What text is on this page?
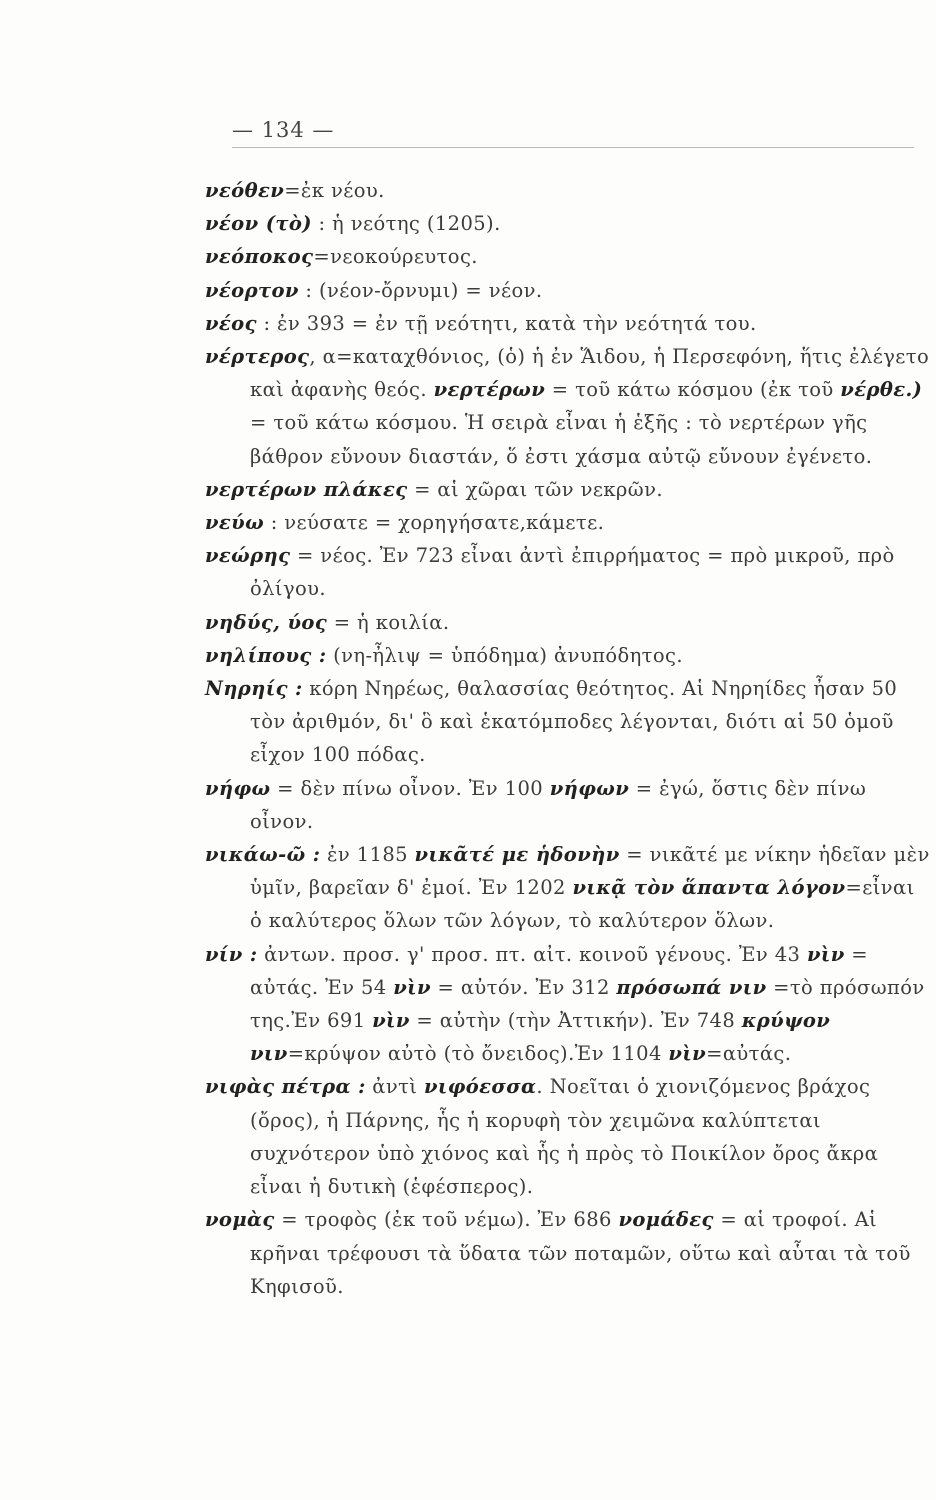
— 134 —

νεόθεν=ἐκ νέου.

νέον (τὸ) : ἡ νεότης (1205).

νεόποκος=νεοκούρευτος.

νέορτον : (νέον-ὄρνυμι) = νέον.

νέος : ἐν 393 = ἐν τῇ νεότητι, κατὰ τὴν νεότητά του.

νέρτερος, α=καταχθόνιος, (ὁ) ἡ ἐν Ἅιδου, ἡ Περσεφόνη, ἥτις ἐλέγετο καὶ ἀφανὴς θεός. νερτέρων = τοῦ κάτω κόσμου (ἐκ τοῦ νέρθε.) = τοῦ κάτω κόσμου. Ἡ σειρὰ εἶναι ἡ ἑξῆς : τὸ νερτέρων γῆς βάθρον εὔνουν διαστάν, ὅ ἐστι χάσμα αὐτῷ εὔνουν ἐγένετο.

νερτέρων πλάκες = αἱ χῶραι τῶν νεκρῶν.

νεύω : νεύσατε = χορηγήσατε,κάμετε.

νεώρης = νέος. Ἐν 723 εἶναι ἀντὶ ἐπιρρήματος = πρὸ μικροῦ, πρὸ ὀλίγου.

νηδύς, ύος = ἡ κοιλία.

νηλίπους : (νη-ἦλιψ = ὑπόδημα) ἀνυπόδητος.

Νηρηίς : κόρη Νηρέως, θαλασσίας θεότητος. Αἱ Νηρηίδες ἦσαν 50 τὸν ἀριθμόν, δι' ὃ καὶ ἑκατόμποδες λέγονται, διότι αἱ 50 ὁμοῦ εἶχον 100 πόδας.

νήφω = δὲν πίνω οἶνον. Ἐν 100 νήφων = ἐγώ, ὅστις δὲν πίνω οἶνον.

νικάω-ῶ : ἐν 1185 νικᾶτέ με ἡδονὴν = νικᾶτέ με νίκην ἡδεῖαν μὲν ὑμῖν, βαρεῖαν δ' ἐμοί. Ἐν 1202 νικᾷ τὸν ἅπαντα λόγον=εἶναι ὁ καλύτερος ὅλων τῶν λόγων, τὸ καλύτερον ὅλων.

νίν : ἀντων. προσ. γ' προσ. πτ. αἰτ. κοινοῦ γένους. Ἐν 43 νὶν = αὐτάς. Ἐν 54 νὶν = αὐτόν. Ἐν 312 πρόσωπά νιν =τὸ πρόσωπόν της.Ἐν 691 νὶν = αὐτὴν (τὴν Ἀττικήν). Ἐν 748 κρύψον νιν=κρύψον αὐτὸ (τὸ ὄνειδος).Ἐν 1104 νὶν=αὐτάς.

νιφὰς πέτρα : ἀντὶ νιφόεσσα. Νοεῖται ὁ χιονιζόμενος βράχος (ὄρος), ἡ Πάρνης, ἧς ἡ κορυφὴ τὸν χειμῶνα καλύπτεται συχνότερον ὑπὸ χιόνος καὶ ἧς ἡ πρὸς τὸ Ποικίλον ὄρος ἄκρα εἶναι ἡ δυτικὴ (ἑφέσπερος).

νομὰς = τροφὸς (ἐκ τοῦ νέμω). Ἐν 686 νομάδες = αἱ τροφοί. Αἱ κρῆναι τρέφουσι τὰ ὕδατα τῶν ποταμῶν, οὕτω καὶ αὗται τὰ τοῦ Κηφισοῦ.
